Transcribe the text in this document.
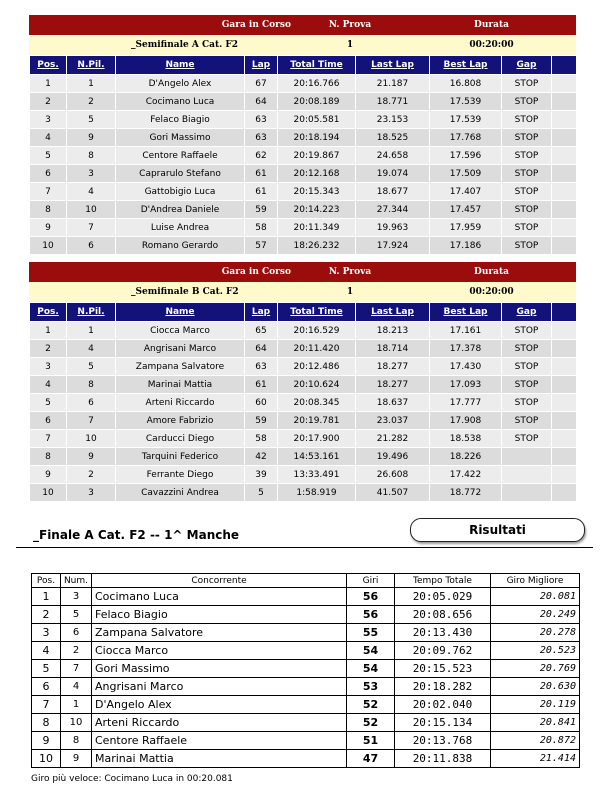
Gara in Corso	N. Prova	Durata
_Semifinale A Cat. F2	1	00:20:00
Pos.	N.Pil.	Name	Lap	Total Time	Last Lap	Best Lap	Gap	
1	1	D'Angelo Alex	67	20:16.766	21.187	16.808	STOP	
2	2	Cocimano Luca	64	20:08.189	18.771	17.539	STOP	
3	5	Felaco Biagio	63	20:05.581	23.153	17.539	STOP	
4	9	Gori Massimo	63	20:18.194	18.525	17.768	STOP	
5	8	Centore Raffaele	62	20:19.867	24.658	17.596	STOP	
6	3	Caprarulo Stefano	61	20:12.168	19.074	17.509	STOP	
7	4	Gattobigio Luca	61	20:15.343	18.677	17.407	STOP	
8	10	D'Andrea Daniele	59	20:14.223	27.344	17.457	STOP	
9	7	Luise Andrea	58	20:11.349	19.963	17.959	STOP	
10	6	Romano Gerardo	57	18:26.232	17.924	17.186	STOP	
Gara in Corso	N. Prova	Durata
_Semifinale B Cat. F2	1	00:20:00
Pos.	N.Pil.	Name	Lap	Total Time	Last Lap	Best Lap	Gap	
1	1	Ciocca Marco	65	20:16.529	18.213	17.161	STOP	
2	4	Angrisani Marco	64	20:11.420	18.714	17.378	STOP	
3	5	Zampana Salvatore	63	20:12.486	18.277	17.430	STOP	
4	8	Marinai Mattia	61	20:10.624	18.277	17.093	STOP	
5	6	Arteni Riccardo	60	20:08.345	18.637	17.777	STOP	
6	7	Amore Fabrizio	59	20:19.781	23.037	17.908	STOP	
7	10	Carducci Diego	58	20:17.900	21.282	18.538	STOP	
8	9	Tarquini Federico	42	14:53.161	19.496	18.226		
9	2	Ferrante Diego	39	13:33.491	26.608	17.422		
10	3	Cavazzini Andrea	5	1:58.919	41.507	18.772		
_Finale A Cat. F2 -- 1^ Manche	Risultati
Pos.	Num.	Concorrente	Giri	Tempo Totale	Giro Migliore
1	3	Cocimano Luca	56	20:05.029	20.081
2	5	Felaco Biagio	56	20:08.656	20.249
3	6	Zampana Salvatore	55	20:13.430	20.278
4	2	Ciocca Marco	54	20:09.762	20.523
5	7	Gori Massimo	54	20:15.523	20.769
6	4	Angrisani Marco	53	20:18.282	20.630
7	1	D'Angelo Alex	52	20:02.040	20.119
8	10	Arteni Riccardo	52	20:15.134	20.841
9	8	Centore Raffaele	51	20:13.768	20.872
10	9	Marinai Mattia	47	20:11.838	21.414
Giro più veloce: Cocimano Luca in 00:20.081
